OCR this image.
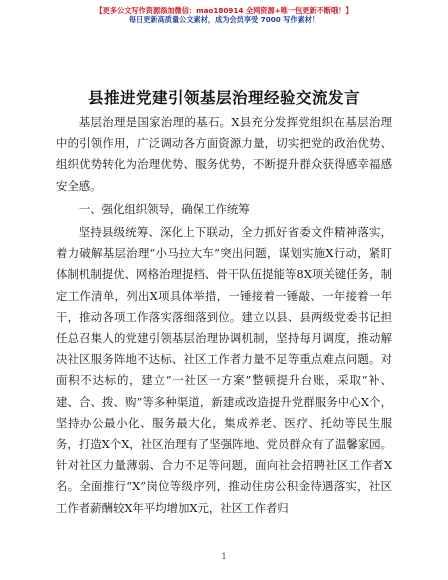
【更多公文写作资源添加微信：mao180914 全网资源+唯一包更新不断哦！】
每日更新高质量公文素材，成为会员享受 7000 写作素材！
县推进党建引领基层治理经验交流发言

基层治理是国家治理的基石。X县充分发挥党组织在基层治理中的引领作用，广泛调动各方面资源力量，切实把党的政治优势、组织优势转化为治理优势、服务优势，不断提升群众获得感幸福感安全感。

一、强化组织领导，确保工作统筹

坚持县级统筹、深化上下联动，全力抓好省委文件精神落实，着力破解基层治理“小马拉大车”突出问题，谋划实施X行动，紧盯体制机制提优、网格治理提档、骨干队伍提能等8X项关键任务，制定工作清单，列出X项具体举措，一锤接着一锤敲、一年接着一年干，推动各项工作落实落细落到位。建立以县、县两级党委书记担任总召集人的党建引领基层治理协调机制，坚持每月调度，推动解决社区服务阵地不达标、社区工作者力量不足等重点难点问题。对面积不达标的，建立“一社区一方案”整顿提升台账，采取“补、建、合、拨、购”等多种渠道，新建或改造提升党群服务中心X个，坚持办公最小化、服务最大化，集成养老、医疗、托幼等民生服务，打造X个X，社区治理有了坚强阵地、党员群众有了温馨家园。针对社区力量薄弱、合力不足等问题，面向社会招聘社区工作者X名。全面推行“X”岗位等级序列，推动住房公积金待遇落实，社区工作者薪酬较X年平均增加X元，社区工作者归

1
